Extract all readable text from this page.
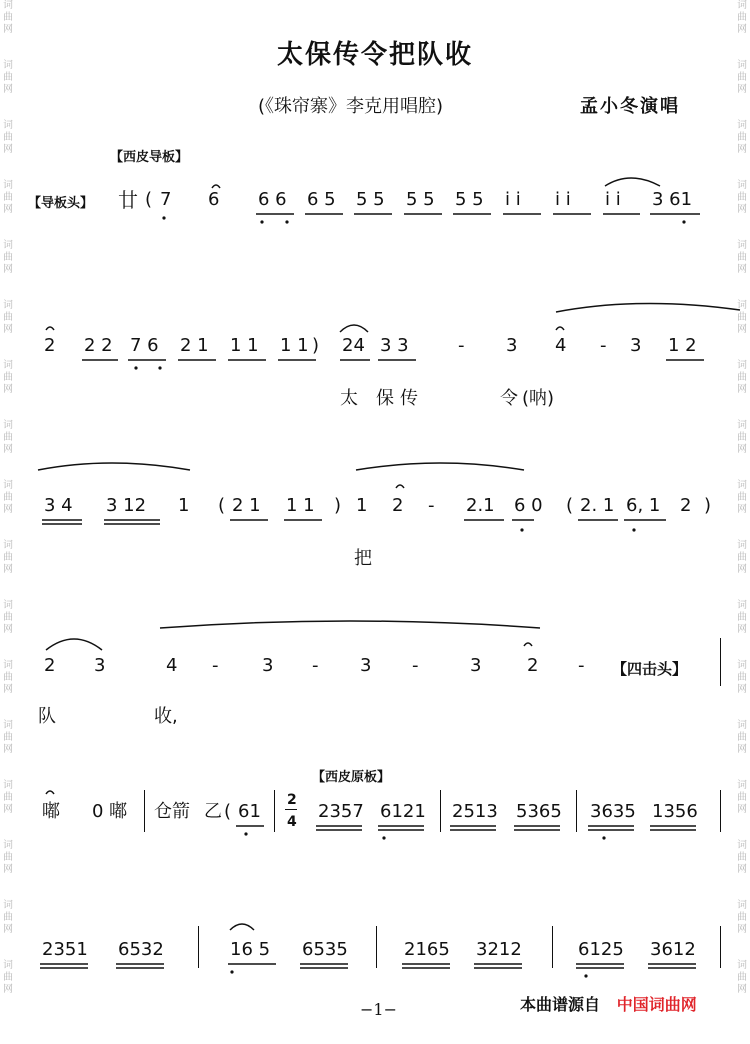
词
曲
网
词
曲
网
词
曲
网
词
曲
网
词
曲
网
词
曲
网
词
曲
网
词
曲
网
词
曲
网
词
曲
网
词
曲
网
词
曲
网
词
曲
网
词
曲
网
词
曲
网
词
曲
网
词
曲
网
词
曲
网
词
曲
网
词
曲
网
词
曲
网
词
曲
网
词
曲
网
词
曲
网
词
曲
网
词
曲
网
词
曲
网
词
曲
网
词
曲
网
词
曲
网
词
曲
网
词
曲
网
词
曲
网
词
曲
网
太保传令把队收
(《珠帘寨》李克用唱腔)	孟小冬演唱
【西皮导板】
【导板头】 廿 ( 7 6 6 6 6 5 5 5 5 5 5 5 i i i i i i 3 61
2 2 2 7 6 2 1 1 1 1 1 ) 24 3 3	- 3 4 - 3 1 2
太 保传	令 (呐)
3 4 3 12 1 ( 2 1 1 1 ) 1 2 - 2.1 6 0 ( 2. 1 6, 1 2 )
把
2 3	4 - 3 - 3 -	3	2 - 【四击头】
队	收,
【西皮原板】
嘟 0 嘟 仓箭 乙 ( 61	2357 6121 2513 5365 3635 1356
2
4
2351 6532	16 5 6535	2165 3212	6125 3612
−1−	本曲谱源自 中国词曲网
